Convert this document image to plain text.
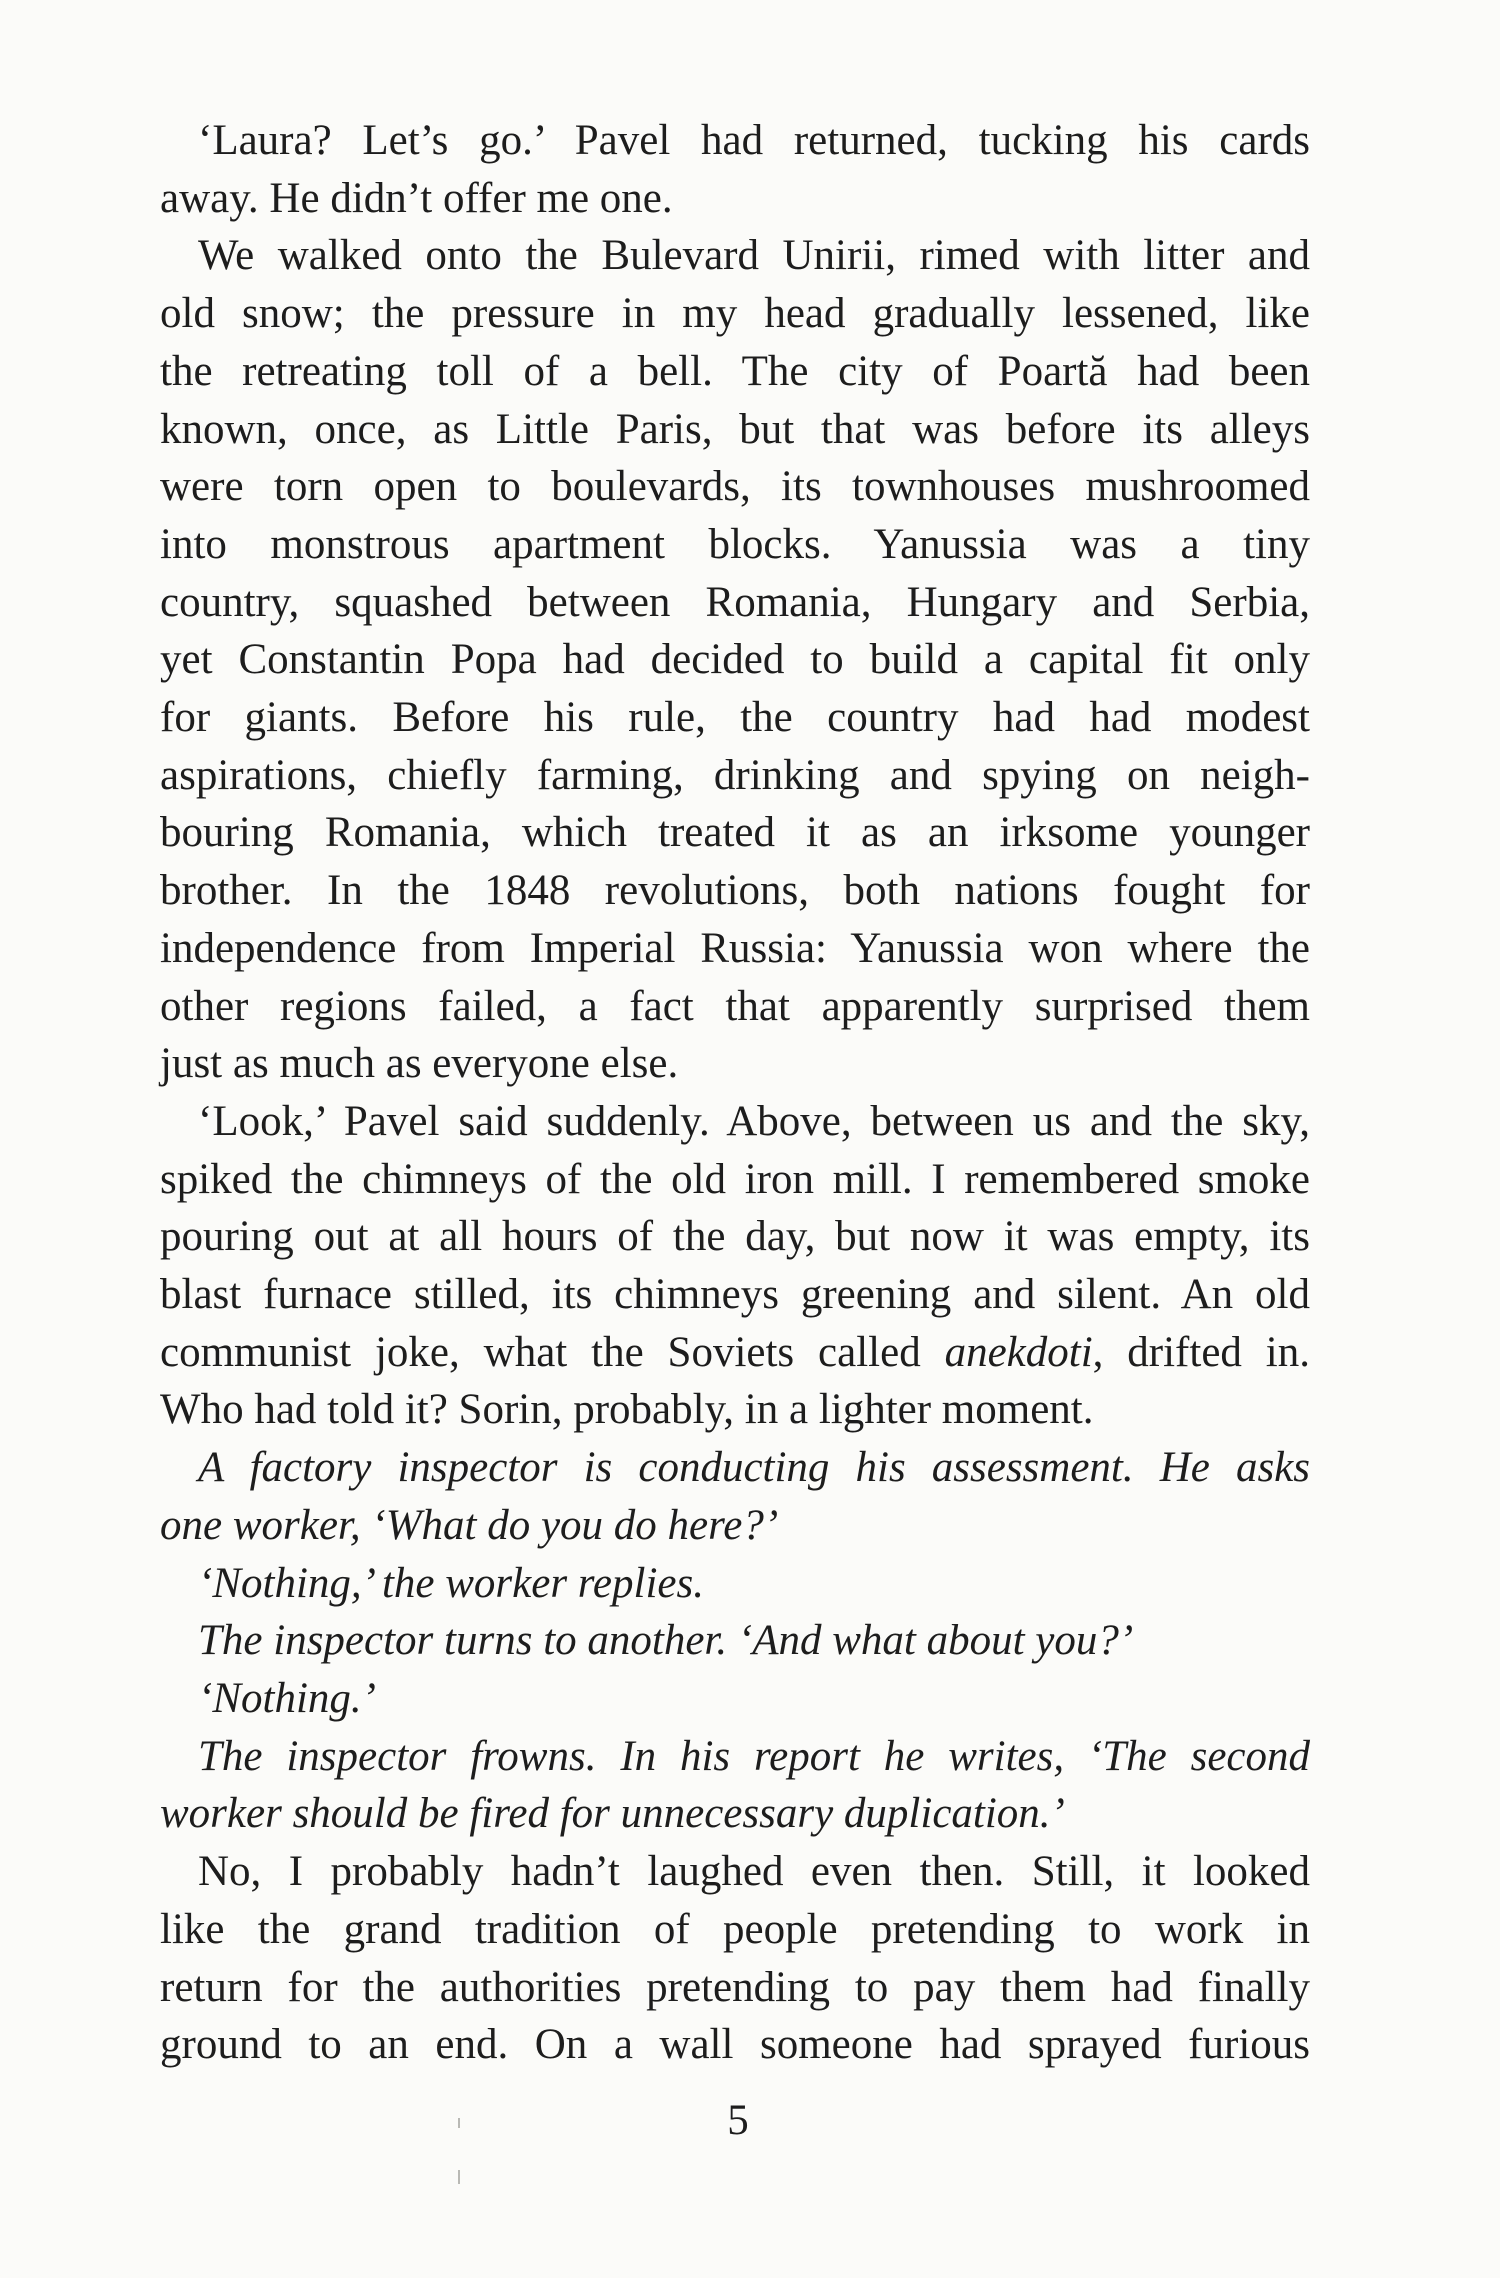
‘Laura? Let’s go.’ Pavel had returned, tucking his cards
away. He didn’t offer me one.
We walked onto the Bulevard Unirii, rimed with litter and
old snow; the pressure in my head gradually lessened, like
the retreating toll of a bell. The city of Poartă had been
known, once, as Little Paris, but that was before its alleys
were torn open to boulevards, its townhouses mushroomed
into monstrous apartment blocks. Yanussia was a tiny
country, squashed between Romania, Hungary and Serbia,
yet Constantin Popa had decided to build a capital fit only
for giants. Before his rule, the country had had modest
aspirations, chiefly farming, drinking and spying on neigh-
bouring Romania, which treated it as an irksome younger
brother. In the 1848 revolutions, both nations fought for
independence from Imperial Russia: Yanussia won where the
other regions failed, a fact that apparently surprised them
just as much as everyone else.
‘Look,’ Pavel said suddenly. Above, between us and the sky,
spiked the chimneys of the old iron mill. I remembered smoke
pouring out at all hours of the day, but now it was empty, its
blast furnace stilled, its chimneys greening and silent. An old
communist joke, what the Soviets called anekdoti, drifted in.
Who had told it? Sorin, probably, in a lighter moment.
A factory inspector is conducting his assessment. He asks
one worker, ‘What do you do here?’
‘Nothing,’ the worker replies.
The inspector turns to another. ‘And what about you?’
‘Nothing.’
The inspector frowns. In his report he writes, ‘The second
worker should be fired for unnecessary duplication.’
No, I probably hadn’t laughed even then. Still, it looked
like the grand tradition of people pretending to work in
return for the authorities pretending to pay them had finally
ground to an end. On a wall someone had sprayed furious
5
